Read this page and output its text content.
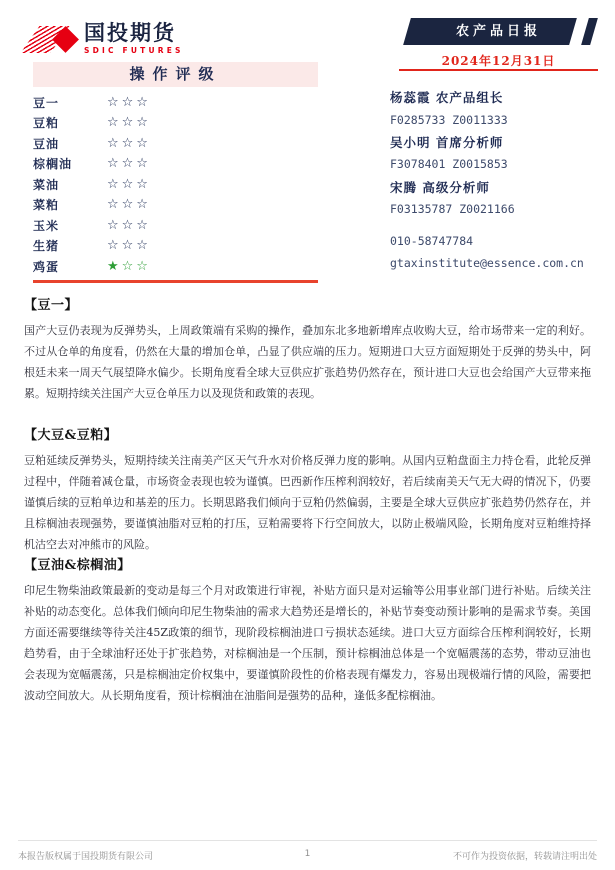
国投期货
SDIC FUTURES
农产品日报
2024年12月31日
操作评级
豆一	☆☆☆
豆粕	☆☆☆
豆油	☆☆☆
棕榈油	☆☆☆
菜油	☆☆☆
菜粕	☆☆☆
玉米	☆☆☆
生猪	☆☆☆
鸡蛋	★☆☆
杨蕊霞 农产品组长
F0285733 Z0011333
吴小明 首席分析师
F3078401 Z0015853
宋腾 高级分析师
F03135787 Z0021166
010-58747784
gtaxinstitute@essence.com.cn
【豆一】

国产大豆仍表现为反弹势头，上周政策端有采购的操作，叠加东北多地新增库点收购大豆，给市场带来一定的利好。不过从仓单的角度看，仍然在大量的增加仓单，凸显了供应端的压力。短期进口大豆方面短期处于反弹的势头中，阿根廷未来一周天气展望降水偏少。长期角度看全球大豆供应扩张趋势仍然存在，预计进口大豆也会给国产大豆带来拖累。短期持续关注国产大豆仓单压力以及现货和政策的表现。

【大豆&豆粕】

豆粕延续反弹势头，短期持续关注南美产区天气升水对价格反弹力度的影响。从国内豆粕盘面主力持仓看，此轮反弹过程中，伴随着减仓量，市场资金表现也较为谨慎。巴西新作压榨利润较好，若后续南美天气无大碍的情况下，仍要谨慎后续的豆粕单边和基差的压力。长期思路我们倾向于豆粕仍然偏弱，主要是全球大豆供应扩张趋势仍然存在，并且棕榈油表现强势，要谨慎油脂对豆粕的打压，豆粕需要将下行空间放大，以防止极端风险，长期角度对豆粕维持择机沽空去对冲熊市的风险。

【豆油&棕榈油】

印尼生物柴油政策最新的变动是每三个月对政策进行审视，补贴方面只是对运输等公用事业部门进行补贴。后续关注补贴的动态变化。总体我们倾向印尼生物柴油的需求大趋势还是增长的，补贴节奏变动预计影响的是需求节奏。美国方面还需要继续等待关注45Z政策的细节，现阶段棕榈油进口亏损状态延续。进口大豆方面综合压榨利润较好，长期趋势看，由于全球油籽还处于扩张趋势，对棕榈油是一个压制，预计棕榈油总体是一个宽幅震荡的态势，带动豆油也会表现为宽幅震荡，只是棕榈油定价权集中，要谨慎阶段性的价格表现有爆发力，容易出现极端行情的风险，需要把波动空间放大。从长期角度看，预计棕榈油在油脂间是强势的品种，逢低多配棕榈油。

本报告版权属于国投期货有限公司	1	不可作为投资依据，转载请注明出处
